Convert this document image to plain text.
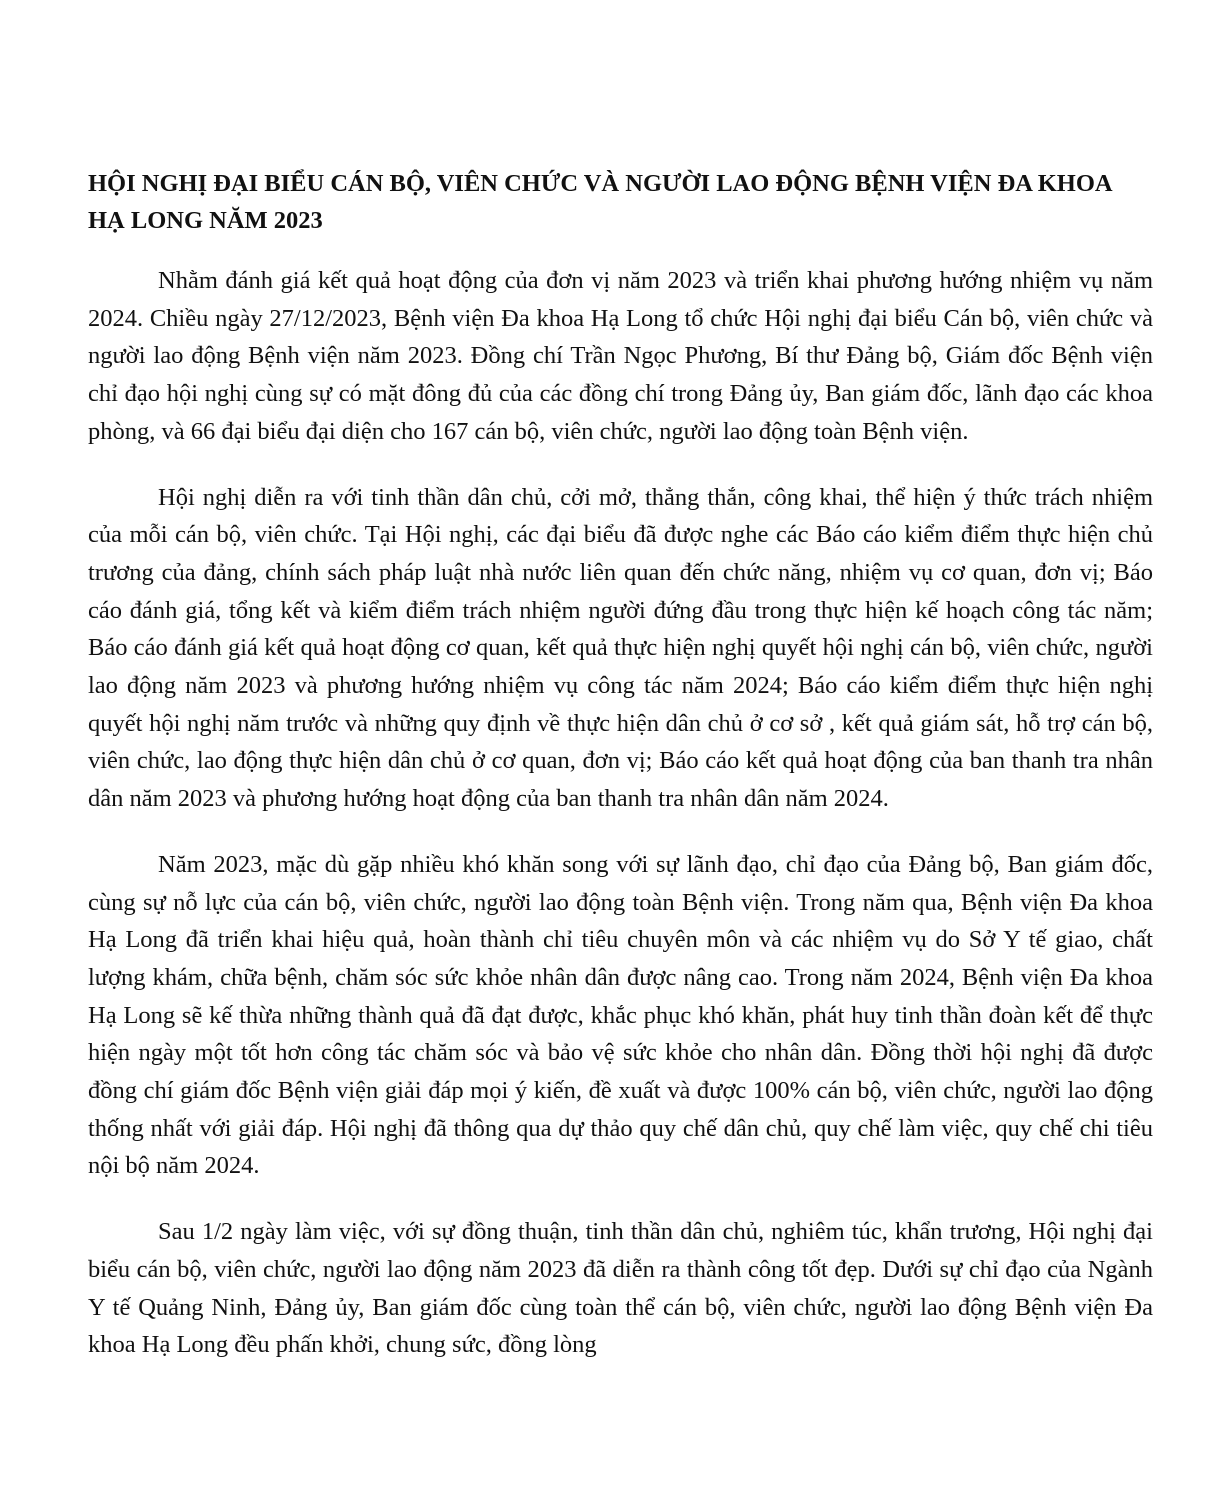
HỘI NGHỊ ĐẠI BIỂU CÁN BỘ, VIÊN CHỨC VÀ NGƯỜI LAO ĐỘNG BỆNH VIỆN ĐA KHOA HẠ LONG NĂM 2023

Nhằm đánh giá kết quả hoạt động của đơn vị năm 2023 và triển khai phương hướng nhiệm vụ năm 2024. Chiều ngày 27/12/2023, Bệnh viện Đa khoa Hạ Long tổ chức Hội nghị đại biểu Cán bộ, viên chức và người lao động Bệnh viện năm 2023. Đồng chí Trần Ngọc Phương, Bí thư Đảng bộ, Giám đốc Bệnh viện chỉ đạo hội nghị cùng sự có mặt đông đủ của các đồng chí trong Đảng ủy, Ban giám đốc, lãnh đạo các khoa phòng, và 66 đại biểu đại diện cho 167 cán bộ, viên chức, người lao động toàn Bệnh viện.

Hội nghị diễn ra với tinh thần dân chủ, cởi mở, thẳng thắn, công khai, thể hiện ý thức trách nhiệm của mỗi cán bộ, viên chức. Tại Hội nghị, các đại biểu đã được nghe các Báo cáo kiểm điểm thực hiện chủ trương của đảng, chính sách pháp luật nhà nước liên quan đến chức năng, nhiệm vụ cơ quan, đơn vị; Báo cáo đánh giá, tổng kết và kiểm điểm trách nhiệm người đứng đầu trong thực hiện kế hoạch công tác năm; Báo cáo đánh giá kết quả hoạt động cơ quan, kết quả thực hiện nghị quyết hội nghị cán bộ, viên chức, người lao động năm 2023 và phương hướng nhiệm vụ công tác năm 2024; Báo cáo kiểm điểm thực hiện nghị quyết hội nghị năm trước và những quy định về thực hiện dân chủ ở cơ sở , kết quả giám sát, hỗ trợ cán bộ, viên chức, lao động thực hiện dân chủ ở cơ quan, đơn vị; Báo cáo kết quả hoạt động của ban thanh tra nhân dân năm 2023 và phương hướng hoạt động của ban thanh tra nhân dân năm 2024.

Năm 2023, mặc dù gặp nhiều khó khăn song với sự lãnh đạo, chỉ đạo của Đảng bộ, Ban giám đốc, cùng sự nỗ lực của cán bộ, viên chức, người lao động toàn Bệnh viện. Trong năm qua, Bệnh viện Đa khoa Hạ Long đã triển khai hiệu quả, hoàn thành chỉ tiêu chuyên môn và các nhiệm vụ do Sở Y tế giao, chất lượng khám, chữa bệnh, chăm sóc sức khỏe nhân dân được nâng cao. Trong năm 2024, Bệnh viện Đa khoa Hạ Long sẽ kế thừa những thành quả đã đạt được, khắc phục khó khăn, phát huy tinh thần đoàn kết để thực hiện ngày một tốt hơn công tác chăm sóc và bảo vệ sức khỏe cho nhân dân. Đồng thời hội nghị đã được đồng chí giám đốc Bệnh viện giải đáp mọi ý kiến, đề xuất và được 100% cán bộ, viên chức, người lao động thống nhất với giải đáp. Hội nghị đã thông qua dự thảo quy chế dân chủ, quy chế làm việc, quy chế chi tiêu nội bộ năm 2024.

Sau 1/2 ngày làm việc, với sự đồng thuận, tinh thần dân chủ, nghiêm túc, khẩn trương, Hội nghị đại biểu cán bộ, viên chức, người lao động năm 2023 đã diễn ra thành công tốt đẹp. Dưới sự chỉ đạo của Ngành Y tế Quảng Ninh, Đảng ủy, Ban giám đốc cùng toàn thể cán bộ, viên chức, người lao động Bệnh viện Đa khoa Hạ Long đều phấn khởi, chung sức, đồng lòng
